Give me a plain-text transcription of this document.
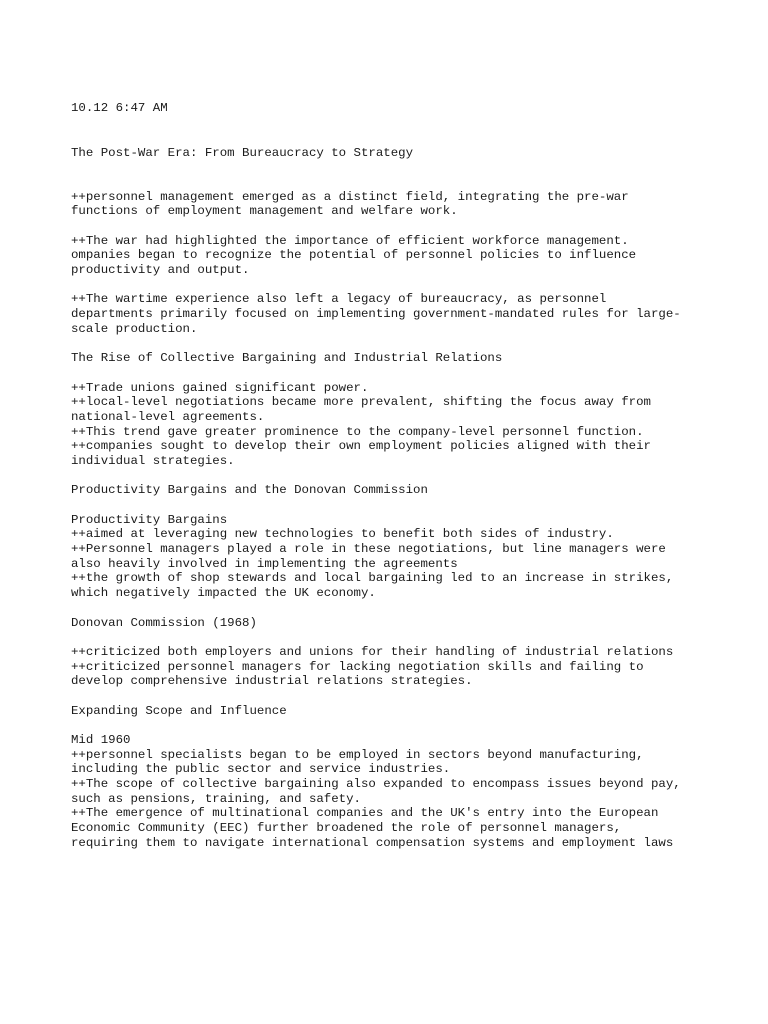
10.12 6:47 AM

The Post-War Era: From Bureaucracy to Strategy

++personnel management emerged as a distinct field, integrating the pre-war
functions of employment management and welfare work.
++The war had highlighted the importance of efficient workforce management.
ompanies began to recognize the potential of personnel policies to influence
productivity and output.
++The wartime experience also left a legacy of bureaucracy, as personnel
departments primarily focused on implementing government-mandated rules for large-
scale production.
The Rise of Collective Bargaining and Industrial Relations
++Trade unions gained significant power.
++local-level negotiations became more prevalent, shifting the focus away from
national-level agreements.
++This trend gave greater prominence to the company-level personnel function.
++companies sought to develop their own employment policies aligned with their
individual strategies.
Productivity Bargains and the Donovan Commission
Productivity Bargains
++aimed at leveraging new technologies to benefit both sides of industry.
++Personnel managers played a role in these negotiations, but line managers were
also heavily involved in implementing the agreements
++the growth of shop stewards and local bargaining led to an increase in strikes,
which negatively impacted the UK economy.
Donovan Commission (1968)
++criticized both employers and unions for their handling of industrial relations
++criticized personnel managers for lacking negotiation skills and failing to
develop comprehensive industrial relations strategies.
Expanding Scope and Influence
Mid 1960
++personnel specialists began to be employed in sectors beyond manufacturing,
including the public sector and service industries.
++The scope of collective bargaining also expanded to encompass issues beyond pay,
such as pensions, training, and safety.
++The emergence of multinational companies and the UK's entry into the European
Economic Community (EEC) further broadened the role of personnel managers,
requiring them to navigate international compensation systems and employment laws
